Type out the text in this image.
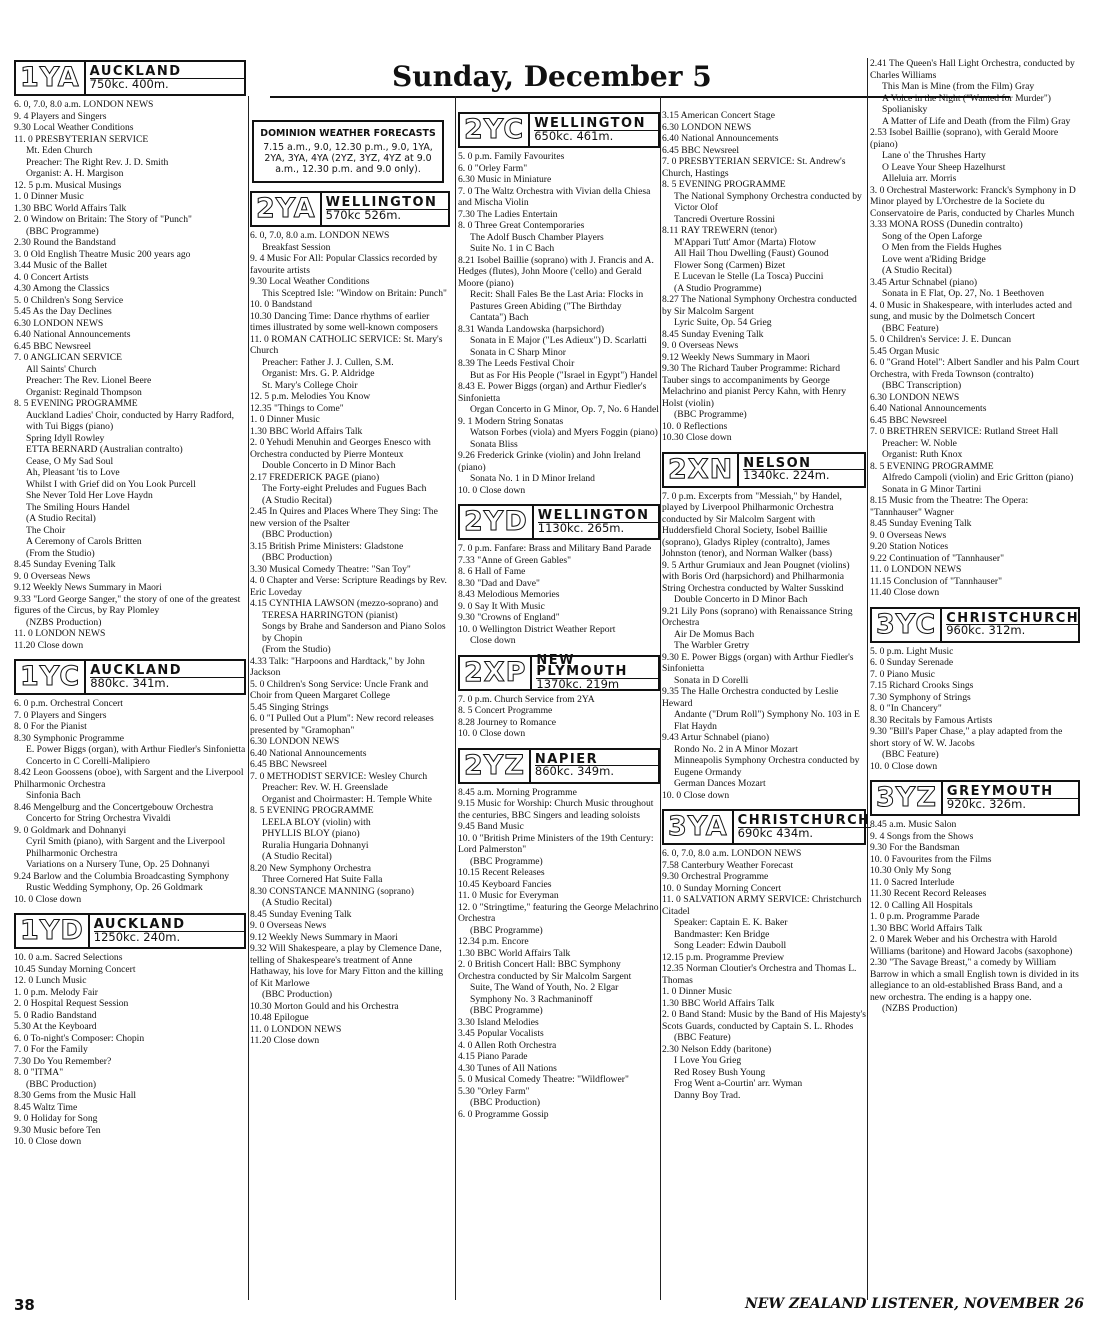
Sunday, December 5
1YA AUCKLAND
750kc. 400m.
6. 0, 7.0, 8.0 a.m. LONDON NEWS
9. 4 Players and Singers
9.30 Local Weather Conditions
11. 0 PRESBYTERIAN SERVICE
Mt. Eden Church
Preacher: The Right Rev. J. D. Smith
Organist: A. H. Margison
12. 5 p.m. Musical Musings
1. 0 Dinner Music
1.30 BBC World Affairs Talk
2. 0 Window on Britain: The Story of "Punch"
(BBC Programme)
2.30 Round the Bandstand
3. 0 Old English Theatre Music 200 years ago
3.44 Music of the Ballet
4. 0 Concert Artists
4.30 Among the Classics
5. 0 Children's Song Service
5.45 As the Day Declines
6.30 LONDON NEWS
6.40 National Announcements
6.45 BBC Newsreel
7. 0 ANGLICAN SERVICE
All Saints' Church
Preacher: The Rev. Lionel Beere
Organist: Reginald Thompson
8. 5 EVENING PROGRAMME
Auckland Ladies' Choir, conducted by Harry Radford, with Tui Biggs (piano)
Spring Idyll Rowley
ETTA BERNARD (Australian contralto)
Cease, O My Sad Soul
Ah, Pleasant 'tis to Love
Whilst I with Grief did on You Look Purcell
She Never Told Her Love Haydn
The Smiling Hours Handel
(A Studio Recital)
The Choir
A Ceremony of Carols Britten
(From the Studio)
8.45 Sunday Evening Talk
9. 0 Overseas News
9.12 Weekly News Summary in Maori
9.33 "Lord George Sanger," the story of one of the greatest figures of the Circus, by Ray Plomley
(NZBS Production)
11. 0 LONDON NEWS
11.20 Close down
1YC AUCKLAND
880kc. 341m.
6. 0 p.m. Orchestral Concert
7. 0 Players and Singers
8. 0 For the Pianist
8.30 Symphonic Programme
E. Power Biggs (organ), with Arthur Fiedler's Sinfonietta
Concerto in C Corelli-Malipiero
8.42 Leon Goossens (oboe), with Sargent and the Liverpool Philharmonic Orchestra
Sinfonia Bach
8.46 Mengelburg and the Concertgebouw Orchestra
Concerto for String Orchestra Vivaldi
9. 0 Goldmark and Dohnanyi
Cyril Smith (piano), with Sargent and the Liverpool Philharmonic Orchestra
Variations on a Nursery Tune, Op. 25 Dohnanyi
9.24 Barlow and the Columbia Broadcasting Symphony
Rustic Wedding Symphony, Op. 26 Goldmark
10. 0 Close down
1YD AUCKLAND
1250kc. 240m.
10. 0 a.m. Sacred Selections
10.45 Sunday Morning Concert
12. 0 Lunch Music
1. 0 p.m. Melody Fair
2. 0 Hospital Request Session
5. 0 Radio Bandstand
5.30 At the Keyboard
6. 0 To-night's Composer: Chopin
7. 0 For the Family
7.30 Do You Remember?
8. 0 "ITMA"
(BBC Production)
8.30 Gems from the Music Hall
8.45 Waltz Time
9. 0 Holiday for Song
9.30 Music before Ten
10. 0 Close down
DOMINION WEATHER FORECASTS
7.15 a.m., 9.0, 12.30 p.m., 9.0, 1YA, 2YA, 3YA, 4YA (2YZ, 3YZ, 4YZ at 9.0 a.m., 12.30 p.m. and 9.0 only).
2YA WELLINGTON
570kc 526m.
6. 0, 7.0, 8.0 a.m. LONDON NEWS
Breakfast Session
9. 4 Music For All: Popular Classics recorded by favourite artists
9.30 Local Weather Conditions
This Sceptred Isle: "Window on Britain: Punch"
10. 0 Bandstand
10.30 Dancing Time: Dance rhythms of earlier times illustrated by some well-known composers
11. 0 ROMAN CATHOLIC SERVICE: St. Mary's Church
Preacher: Father J. J. Cullen, S.M.
Organist: Mrs. G. P. Aldridge
St. Mary's College Choir
12. 5 p.m. Melodies You Know
12.35 "Things to Come"
1. 0 Dinner Music
1.30 BBC World Affairs Talk
2. 0 Yehudi Menuhin and Georges Enesco with Orchestra conducted by Pierre Monteux
Double Concerto in D Minor Bach
2.17 FREDERICK PAGE (piano)
The Forty-eight Preludes and Fugues Bach
(A Studio Recital)
2.45 In Quires and Places Where They Sing: The new version of the Psalter
(BBC Production)
3.15 British Prime Ministers: Gladstone
(BBC Production)
3.30 Musical Comedy Theatre: "San Toy"
4. 0 Chapter and Verse: Scripture Readings by Rev. Eric Loveday
4.15 CYNTHIA LAWSON (mezzo-soprano) and
TERESA HARRINGTON (pianist)
Songs by Brahe and Sanderson and Piano Solos by Chopin
(From the Studio)
4.33 Talk: "Harpoons and Hardtack," by John Jackson
5. 0 Children's Song Service: Uncle Frank and Choir from Queen Margaret College
5.45 Singing Strings
6. 0 "I Pulled Out a Plum": New record releases presented by "Gramophan"
6.30 LONDON NEWS
6.40 National Announcements
6.45 BBC Newsreel
7. 0 METHODIST SERVICE: Wesley Church
Preacher: Rev. W. H. Greenslade
Organist and Choirmaster: H. Temple White
8. 5 EVENING PROGRAMME
LEELA BLOY (violin) with
PHYLLIS BLOY (piano)
Ruralia Hungaria Dohnanyi
(A Studio Recital)
8.20 New Symphony Orchestra
Three Cornered Hat Suite Falla
8.30 CONSTANCE MANNING (soprano)
(A Studio Recital)
8.45 Sunday Evening Talk
9. 0 Overseas News
9.12 Weekly News Summary in Maori
9.32 Will Shakespeare, a play by Clemence Dane, telling of Shakespeare's treatment of Anne Hathaway, his love for Mary Fitton and the killing of Kit Marlowe
(BBC Production)
10.30 Morton Gould and his Orchestra
10.48 Epilogue
11. 0 LONDON NEWS
11.20 Close down
2YC WELLINGTON
650kc. 461m.
5. 0 p.m. Family Favourites
6. 0 "Orley Farm"
6.30 Music in Miniature
7. 0 The Waltz Orchestra with Vivian della Chiesa and Mischa Violin
7.30 The Ladies Entertain
8. 0 Three Great Contemporaries
The Adolf Busch Chamber Players
Suite No. 1 in C Bach
8.21 Isobel Baillie (soprano) with J. Francis and A. Hedges (flutes), John Moore ('cello) and Gerald Moore (piano)
Recit: Shall Fales Be the Last Aria: Flocks in Pastures Green Abiding ("The Birthday Cantata") Bach
8.31 Wanda Landowska (harpsichord)
Sonata in E Major ("Les Adieux") D. Scarlatti
Sonata in C Sharp Minor
8.39 The Leeds Festival Choir
But as For His People ("Israel in Egypt") Handel
8.43 E. Power Biggs (organ) and Arthur Fiedler's Sinfonietta
Organ Concerto in G Minor, Op. 7, No. 6 Handel
9. 1 Modern String Sonatas
Watson Forbes (viola) and Myers Foggin (piano)
Sonata Bliss
9.26 Frederick Grinke (violin) and John Ireland (piano)
Sonata No. 1 in D Minor Ireland
10. 0 Close down
2YD WELLINGTON
1130kc. 265m.
7. 0 p.m. Fanfare: Brass and Military Band Parade
7.33 "Anne of Green Gables"
8. 6 Hall of Fame
8.30 "Dad and Dave"
8.43 Melodious Memories
9. 0 Say It With Music
9.30 "Crowns of England"
10. 0 Wellington District Weather Report
Close down
2XP NEW PLYMOUTH
1370kc. 219m
7. 0 p.m. Church Service from 2YA
8. 5 Concert Programme
8.28 Journey to Romance
10. 0 Close down
2YZ NAPIER
860kc. 349m.
8.45 a.m. Morning Programme
9.15 Music for Worship: Church Music throughout the centuries, BBC Singers and leading soloists
9.45 Band Music
10. 0 "British Prime Ministers of the 19th Century: Lord Palmerston"
(BBC Programme)
10.15 Recent Releases
10.45 Keyboard Fancies
11. 0 Music for Everyman
12. 0 "Stringtime," featuring the George Melachrino Orchestra
(BBC Programme)
12.34 p.m. Encore
1.30 BBC World Affairs Talk
2. 0 British Concert Hall: BBC Symphony Orchestra conducted by Sir Malcolm Sargent
Suite, The Wand of Youth, No. 2 Elgar
Symphony No. 3 Rachmaninoff
(BBC Programme)
3.30 Island Melodies
3.45 Popular Vocalists
4. 0 Allen Roth Orchestra
4.15 Piano Parade
4.30 Tunes of All Nations
5. 0 Musical Comedy Theatre: "Wildflower"
5.30 "Orley Farm"
(BBC Production)
6. 0 Programme Gossip
3.15 American Concert Stage
6.30 LONDON NEWS
6.40 National Announcements
6.45 BBC Newsreel
7. 0 PRESBYTERIAN SERVICE: St. Andrew's Church, Hastings
8. 5 EVENING PROGRAMME
The National Symphony Orchestra conducted by Victor Olof
Tancredi Overture Rossini
8.11 RAY TREWERN (tenor)
M'Appari Tutt' Amor (Marta) Flotow
All Hail Thou Dwelling (Faust) Gounod
Flower Song (Carmen) Bizet
E Lucevan le Stelle (La Tosca) Puccini
(A Studio Programme)
8.27 The National Symphony Orchestra conducted by Sir Malcolm Sargent
Lyric Suite, Op. 54 Grieg
8.45 Sunday Evening Talk
9. 0 Overseas News
9.12 Weekly News Summary in Maori
9.30 The Richard Tauber Programme: Richard Tauber sings to accompaniments by George Melachrino and pianist Percy Kahn, with Henry Holst (violin)
(BBC Programme)
10. 0 Reflections
10.30 Close down
2XN NELSON
1340kc. 224m.
7. 0 p.m. Excerpts from "Messiah," by Handel, played by Liverpool Philharmonic Orchestra conducted by Sir Malcolm Sargent with Huddersfield Choral Society, Isobel Baillie (soprano), Gladys Ripley (contralto), James Johnston (tenor), and Norman Walker (bass)
9. 5 Arthur Grumiaux and Jean Pougnet (violins) with Boris Ord (harpsichord) and Philharmonia String Orchestra conducted by Walter Susskind
Double Concerto in D Minor Bach
9.21 Lily Pons (soprano) with Renaissance String Orchestra
Air De Momus Bach
The Warbler Gretry
9.30 E. Power Biggs (organ) with Arthur Fiedler's Sinfonietta
Sonata in D Corelli
9.35 The Halle Orchestra conducted by Leslie Heward
Andante ("Drum Roll") Symphony No. 103 in E Flat Haydn
9.43 Artur Schnabel (piano)
Rondo No. 2 in A Minor Mozart
Minneapolis Symphony Orchestra conducted by Eugene Ormandy
German Dances Mozart
10. 0 Close down
3YA CHRISTCHURCH
690kc 434m.
6. 0, 7.0, 8.0 a.m. LONDON NEWS
7.58 Canterbury Weather Forecast
9.30 Orchestral Programme
10. 0 Sunday Morning Concert
11. 0 SALVATION ARMY SERVICE: Christchurch Citadel
Speaker: Captain E. K. Baker
Bandmaster: Ken Bridge
Song Leader: Edwin Dauboll
12.15 p.m. Programme Preview
12.35 Norman Cloutier's Orchestra and Thomas L. Thomas
1. 0 Dinner Music
1.30 BBC World Affairs Talk
2. 0 Band Stand: Music by the Band of His Majesty's Scots Guards, conducted by Captain S. L. Rhodes
(BBC Feature)
2.30 Nelson Eddy (baritone)
I Love You Grieg
Red Rosey Bush Young
Frog Went a-Courtin' arr. Wyman
Danny Boy Trad.
2.41 The Queen's Hall Light Orchestra, conducted by Charles Williams
This Man is Mine (from the Film) Gray
A Voice in the Night ("Wanted for Murder") Spolianisky
A Matter of Life and Death (from the Film) Gray
2.53 Isobel Baillie (soprano), with Gerald Moore (piano)
Lane o' the Thrushes Harty
O Leave Your Sheep Hazelhurst
Alleluia arr. Morris
3. 0 Orchestral Masterwork: Franck's Symphony in D Minor played by L'Orchestre de la Societe du Conservatoire de Paris, conducted by Charles Munch
3.33 MONA ROSS (Dunedin contralto)
Song of the Open Laforge
O Men from the Fields Hughes
Love went a'Riding Bridge
(A Studio Recital)
3.45 Artur Schnabel (piano)
Sonata in E Flat, Op. 27, No. 1 Beethoven
4. 0 Music in Shakespeare, with interludes acted and sung, and music by the Dolmetsch Concert
(BBC Feature)
5. 0 Children's Service: J. E. Duncan
5.45 Organ Music
6. 0 "Grand Hotel": Albert Sandler and his Palm Court Orchestra, with Freda Townson (contralto)
(BBC Transcription)
6.30 LONDON NEWS
6.40 National Announcements
6.45 BBC Newsreel
7. 0 BRETHREN SERVICE: Rutland Street Hall
Preacher: W. Noble
Organist: Ruth Knox
8. 5 EVENING PROGRAMME
Alfredo Campoli (violin) and Eric Gritton (piano)
Sonata in G Minor Tartini
8.15 Music from the Theatre: The Opera: "Tannhauser" Wagner
8.45 Sunday Evening Talk
9. 0 Overseas News
9.20 Station Notices
9.22 Continuation of "Tannhauser"
11. 0 LONDON NEWS
11.15 Conclusion of "Tannhauser"
11.40 Close down
3YC CHRISTCHURCH
960kc. 312m.
5. 0 p.m. Light Music
6. 0 Sunday Serenade
7. 0 Piano Music
7.15 Richard Crooks Sings
7.30 Symphony of Strings
8. 0 "In Chancery"
8.30 Recitals by Famous Artists
9.30 "Bill's Paper Chase," a play adapted from the short story of W. W. Jacobs
(BBC Feature)
10. 0 Close down
3YZ GREYMOUTH
920kc. 326m.
8.45 a.m. Music Salon
9. 4 Songs from the Shows
9.30 For the Bandsman
10. 0 Favourites from the Films
10.30 Only My Song
11. 0 Sacred Interlude
11.30 Recent Record Releases
12. 0 Calling All Hospitals
1. 0 p.m. Programme Parade
1.30 BBC World Affairs Talk
2. 0 Marek Weber and his Orchestra with Harold Williams (baritone) and Howard Jacobs (saxophone)
2.30 "The Savage Breast," a comedy by William Barrow in which a small English town is divided in its allegiance to an old-established Brass Band, and a new orchestra. The ending is a happy one.
(NZBS Production)
38	NEW ZEALAND LISTENER, NOVEMBER 26
